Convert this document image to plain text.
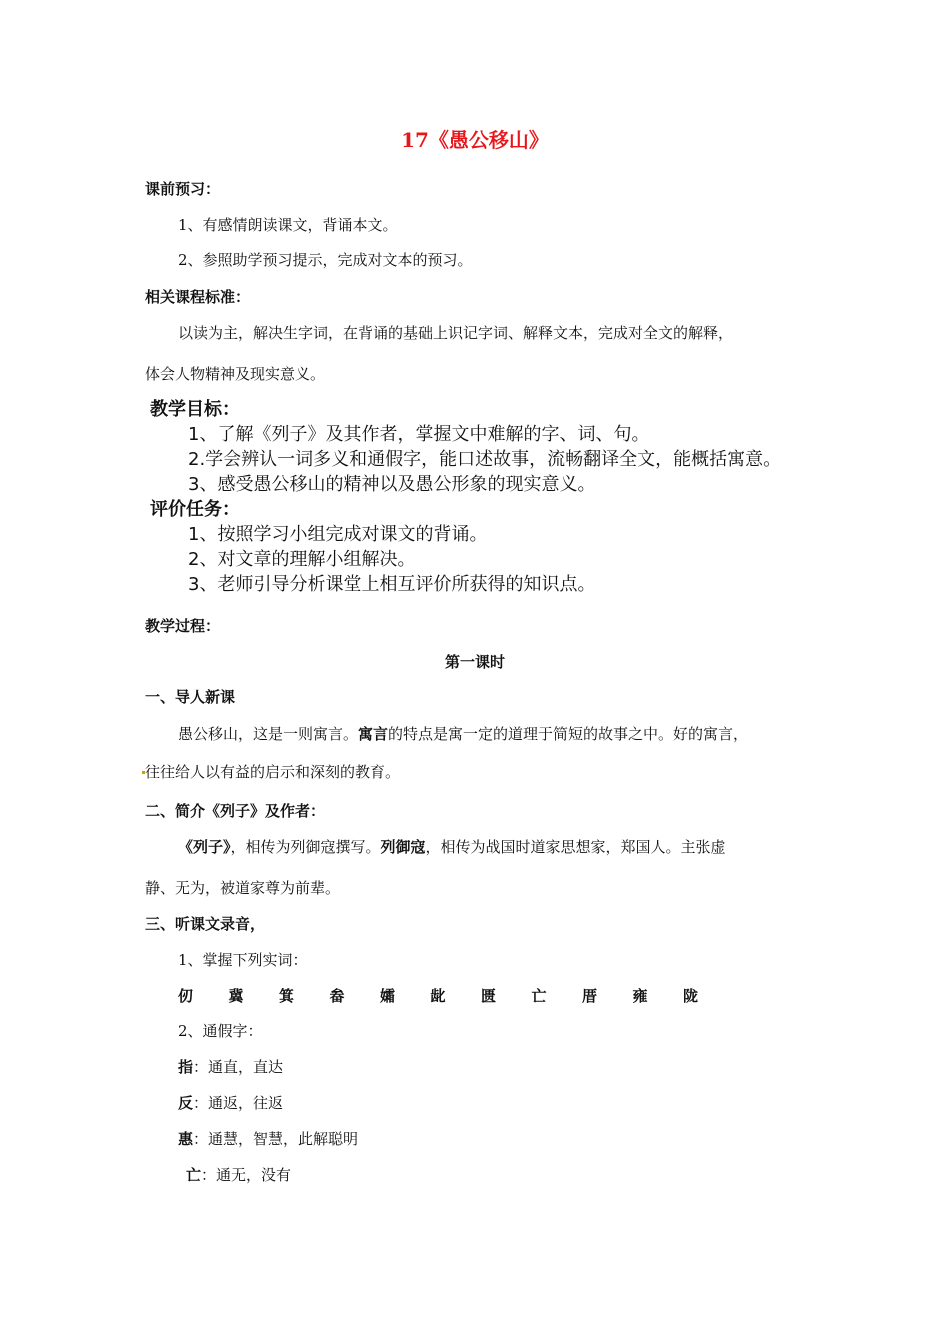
17《愚公移山》
课前预习：
1、有感情朗读课文，背诵本文。
2、参照助学预习提示，完成对文本的预习。
相关课程标准：
以读为主，解决生字词，在背诵的基础上识记字词、解释文本，完成对全文的解释，
体会人物精神及现实意义。
教学目标：
1、了解《列子》及其作者，掌握文中难解的字、词、句。
2.学会辨认一词多义和通假字，能口述故事，流畅翻译全文，能概括寓意。
3、感受愚公移山的精神以及愚公形象的现实意义。
评价任务：
1、按照学习小组完成对课文的背诵。
2、对文章的理解小组解决。
3、老师引导分析课堂上相互评价所获得的知识点。
教学过程：
第一课时
一、导人新课
愚公移山，这是一则寓言。寓言的特点是寓一定的道理于简短的故事之中。好的寓言，
往往给人以有益的启示和深刻的教育。
二、简介《列子》及作者：
《列子》，相传为列御寇撰写。列御寇，相传为战国时道家思想家，郑国人。主张虚
静、无为，被道家尊为前辈。
三、听课文录音，
1、掌握下列实词：
仞 冀 箕 畚 孀 龀 匮 亡 厝 雍 陇
2、通假字：
指：通直，直达
反：通返，往返
惠：通慧，智慧，此解聪明
亡：通无，没有
